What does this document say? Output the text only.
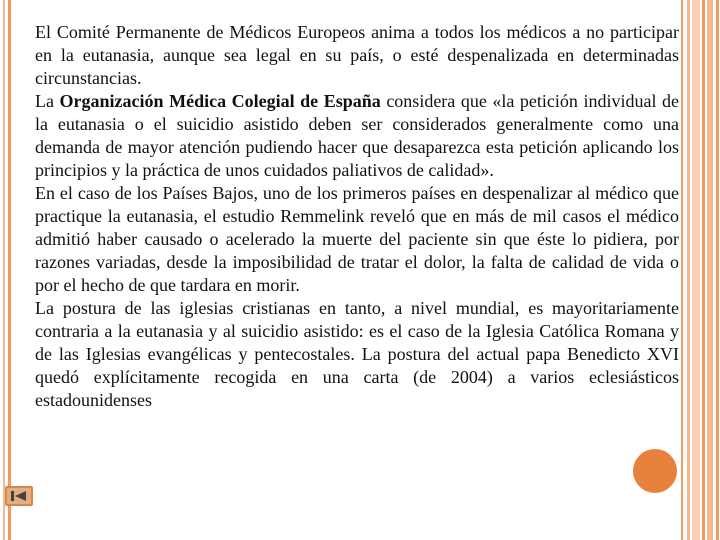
El Comité Permanente de Médicos Europeos anima a todos los médicos a no participar en la eutanasia, aunque sea legal en su país, o esté despenalizada en determinadas circunstancias.

La Organización Médica Colegial de España considera que «la petición individual de la eutanasia o el suicidio asistido deben ser considerados generalmente como una demanda de mayor atención pudiendo hacer que desaparezca esta petición aplicando los principios y la práctica de unos cuidados paliativos de calidad».

En el caso de los Países Bajos, uno de los primeros países en despenalizar al médico que practique la eutanasia, el estudio Remmelink reveló que en más de mil casos el médico admitió haber causado o acelerado la muerte del paciente sin que éste lo pidiera, por razones variadas, desde la imposibilidad de tratar el dolor, la falta de calidad de vida o por el hecho de que tardara en morir.

La postura de las iglesias cristianas en tanto, a nivel mundial, es mayoritariamente contraria a la eutanasia y al suicidio asistido: es el caso de la Iglesia Católica Romana y de las Iglesias evangélicas y pentecostales. La postura del actual papa Benedicto XVI quedó explícitamente recogida en una carta (de 2004) a varios eclesiásticos estadounidenses
